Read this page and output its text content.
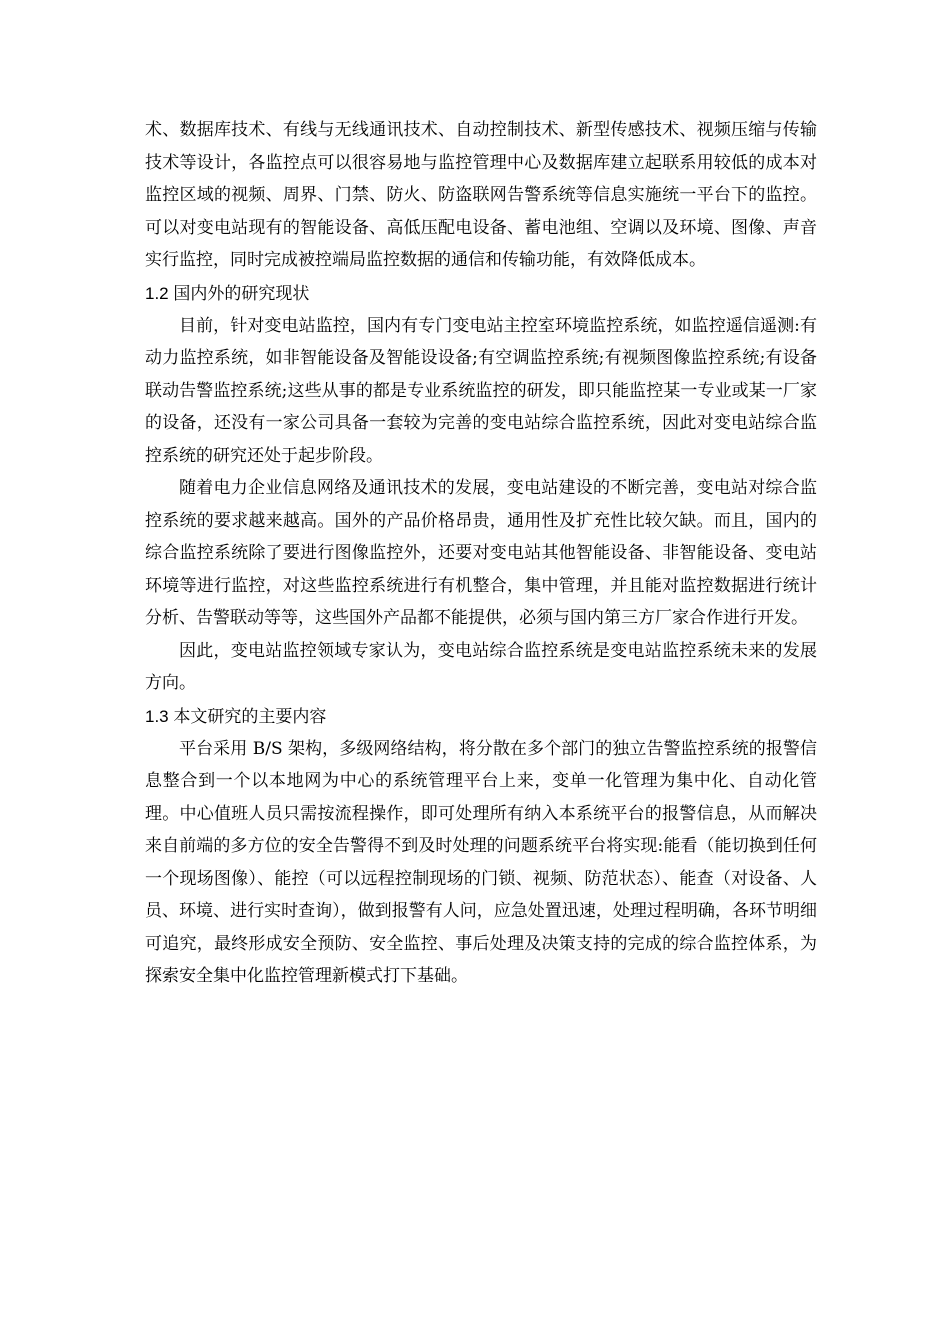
术、数据库技术、有线与无线通讯技术、自动控制技术、新型传感技术、视频压缩与传输技术等设计，各监控点可以很容易地与监控管理中心及数据库建立起联系用较低的成本对监控区域的视频、周界、门禁、防火、防盗联网告警系统等信息实施统一平台下的监控。可以对变电站现有的智能设备、高低压配电设备、蓄电池组、空调以及环境、图像、声音实行监控，同时完成被控端局监控数据的通信和传输功能，有效降低成本。

1.2 国内外的研究现状

目前，针对变电站监控，国内有专门变电站主控室环境监控系统，如监控遥信遥测:有动力监控系统，如非智能设备及智能设设备;有空调监控系统;有视频图像监控系统;有设备联动告警监控系统;这些从事的都是专业系统监控的研发，即只能监控某一专业或某一厂家的设备，还没有一家公司具备一套较为完善的变电站综合监控系统，因此对变电站综合监控系统的研究还处于起步阶段。

随着电力企业信息网络及通讯技术的发展，变电站建设的不断完善，变电站对综合监控系统的要求越来越高。国外的产品价格昂贵，通用性及扩充性比较欠缺。而且，国内的综合监控系统除了要进行图像监控外，还要对变电站其他智能设备、非智能设备、变电站环境等进行监控，对这些监控系统进行有机整合，集中管理，并且能对监控数据进行统计分析、告警联动等等，这些国外产品都不能提供，必须与国内第三方厂家合作进行开发。

因此，变电站监控领域专家认为，变电站综合监控系统是变电站监控系统未来的发展方向。

1.3 本文研究的主要内容

平台采用 B/S 架构，多级网络结构，将分散在多个部门的独立告警监控系统的报警信息整合到一个以本地网为中心的系统管理平台上来，变单一化管理为集中化、自动化管理。中心值班人员只需按流程操作，即可处理所有纳入本系统平台的报警信息，从而解决来自前端的多方位的安全告警得不到及时处理的问题系统平台将实现:能看（能切换到任何一个现场图像）、能控（可以远程控制现场的门锁、视频、防范状态）、能查（对设备、人员、环境、进行实时查询），做到报警有人问，应急处置迅速，处理过程明确，各环节明细可追究，最终形成安全预防、安全监控、事后处理及决策支持的完成的综合监控体系，为探索安全集中化监控管理新模式打下基础。
